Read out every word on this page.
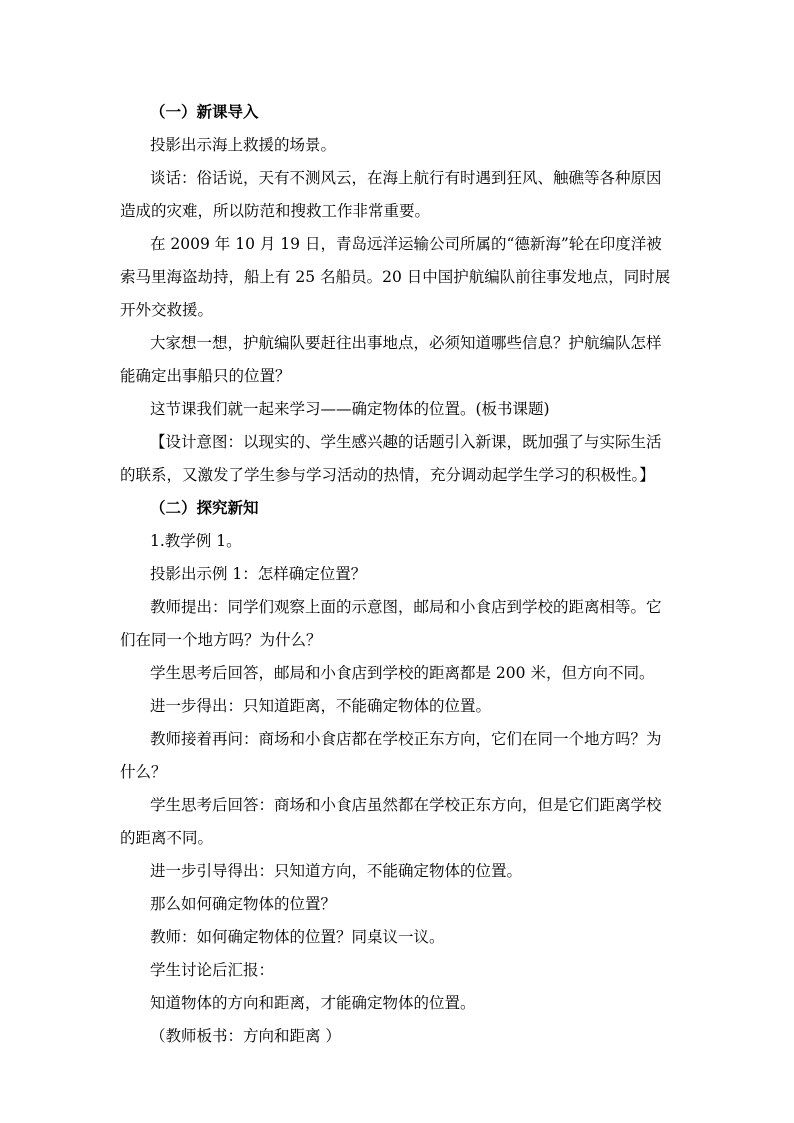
（一）新课导入

投影出示海上救援的场景。

谈话：俗话说，天有不测风云，在海上航行有时遇到狂风、触礁等各种原因

造成的灾难，所以防范和搜救工作非常重要。

在 2009 年 10 月 19 日，青岛远洋运输公司所属的“德新海”轮在印度洋被

索马里海盗劫持，船上有 25 名船员。20 日中国护航编队前往事发地点，同时展

开外交救援。

大家想一想，护航编队要赶往出事地点，必须知道哪些信息？护航编队怎样

能确定出事船只的位置？

这节课我们就一起来学习——确定物体的位置。(板书课题)

【设计意图：以现实的、学生感兴趣的话题引入新课，既加强了与实际生活

的联系，又激发了学生参与学习活动的热情，充分调动起学生学习的积极性。】

（二）探究新知

1.教学例 1。

投影出示例 1：怎样确定位置？

教师提出：同学们观察上面的示意图，邮局和小食店到学校的距离相等。它

们在同一个地方吗？为什么？

学生思考后回答，邮局和小食店到学校的距离都是 200 米，但方向不同。

进一步得出：只知道距离，不能确定物体的位置。

教师接着再问：商场和小食店都在学校正东方向，它们在同一个地方吗？为

什么？

学生思考后回答：商场和小食店虽然都在学校正东方向，但是它们距离学校

的距离不同。

进一步引导得出：只知道方向，不能确定物体的位置。

那么如何确定物体的位置？

教师：如何确定物体的位置？同桌议一议。

学生讨论后汇报：

知道物体的方向和距离，才能确定物体的位置。

（教师板书：方向和距离 ）
